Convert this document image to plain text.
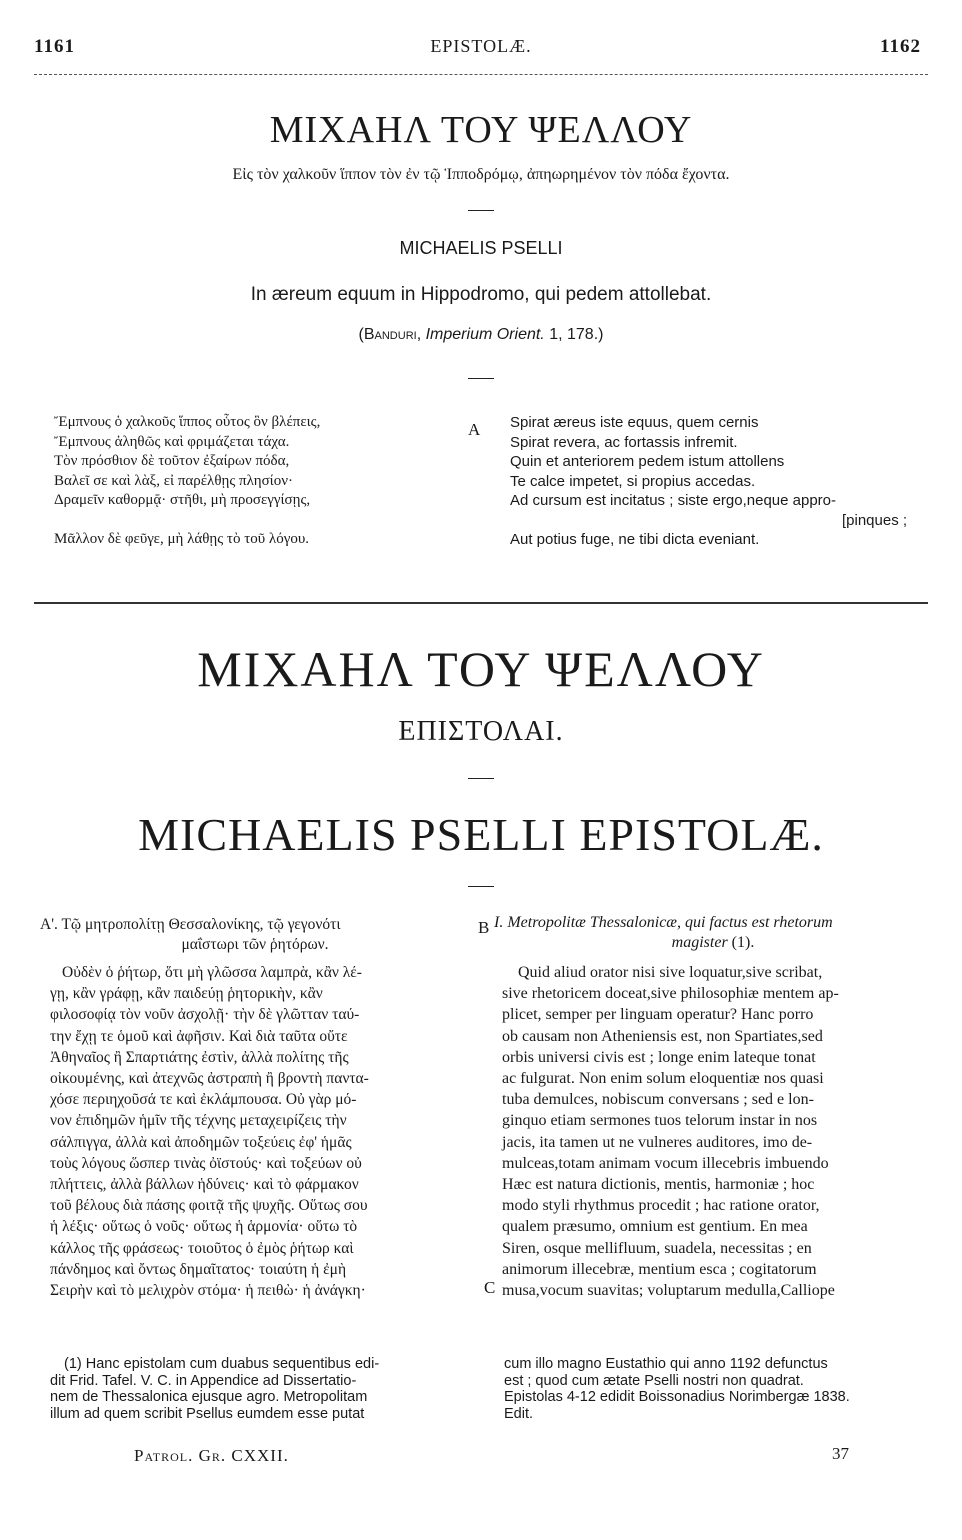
1161	EPISTOLÆ.	1162
ΜΙΧΑΗΛ ΤΟΥ ΨΕΛΛΟΥ
Εἰς τὸν χαλκοῦν ἵππον τὸν ἐν τῷ Ἱπποδρόμῳ, ἀπηωρημένον τὸν πόδα ἔχοντα.
MICHAELIS PSELLI
In æreum equum in Hippodromo, qui pedem attollebat.
(Banduri, Imperium Orient. 1, 178.)
Ἔμπνους ὁ χαλκοῦς ἵππος οὗτος ὃν βλέπεις,
Ἔμπνους ἀληθῶς καὶ φριμάζεται τάχα.
Τὸν πρόσθιον δὲ τοῦτον ἐξαίρων πόδα,
Βαλεῖ σε καὶ λὰξ, εἰ παρέλθῃς πλησίον·
Δραμεῖν καθορμᾷ· στῆθι, μὴ προσεγγίσῃς,
Μᾶλλον δὲ φεῦγε, μὴ λάθῃς τὸ τοῦ λόγου.
A Spirat æreus iste equus, quem cernis
Spirat revera, ac fortassis infremit.
Quin et anteriorem pedem istum attollens
Te calce impetet, si propius accedas.
Ad cursum est incitatus ; siste ergo,neque appro-
[pinques ;
Aut potius fuge, ne tibi dicta eveniant.
ΜΙΧΑΗΛ ΤΟΥ ΨΕΛΛΟΥ
ΕΠΙΣΤΟΛΑΙ.
MICHAELIS PSELLI EPISTOLÆ.
Α'. Τῷ μητροπολίτῃ Θεσσαλονίκης, τῷ γεγονότι
μαΐστωρι τῶν ῥητόρων.
B I. Metropolitæ Thessalonicæ, qui factus est rhetorum
magister (1).
Οὐδὲν ὁ ῥήτωρ, ὅτι μὴ γλῶσσα λαμπρὰ, κἂν λέ-
γῃ, κἂν γράφῃ, κἂν παιδεύῃ ῥητορικὴν, κἂν
φιλοσοφίᾳ τὸν νοῦν ἀσχολῇ· τὴν δὲ γλῶτταν ταύ-
την ἔχῃ τε ὁμοῦ καὶ ἀφῆσιν. Καὶ διὰ ταῦτα οὔτε
Ἀθηναῖος ἢ Σπαρτιάτης ἐστὶν, ἀλλὰ πολίτης τῆς
οἰκουμένης, καὶ ἀτεχνῶς ἀστραπὴ ἢ βροντὴ παντα-
χόσε περιηχοῦσά τε καὶ ἐκλάμπουσα. Οὐ γὰρ μό-
νον ἐπιδημῶν ἡμῖν τῆς τέχνης μεταχειρίζεις τὴν
σάλπιγγα, ἀλλὰ καὶ ἀποδημῶν τοξεύεις ἐφ' ἡμᾶς
τοὺς λόγους ὥσπερ τινὰς ὀϊστούς· καὶ τοξεύων οὐ
πλήττεις, ἀλλὰ βάλλων ἡδύνεις· καὶ τὸ φάρμακον
τοῦ βέλους διὰ πάσης φοιτᾷ τῆς ψυχῆς. Οὕτως σου
ἡ λέξις· οὕτως ὁ νοῦς· οὕτως ἡ ἁρμονία· οὕτω τὸ
κάλλος τῆς φράσεως· τοιοῦτος ὁ ἐμὸς ῥήτωρ καὶ
πάνδημος καὶ ὄντως δημαῖτατος· τοιαύτη ἡ ἐμὴ
Σειρὴν καὶ τὸ μελιχρὸν στόμα· ἡ πειθὼ· ἡ ἀνάγκη·	C
Quid aliud orator nisi sive loquatur,sive scribat,
sive rhetoricem doceat,sive philosophiæ mentem ap-
plicet, semper per linguam operatur? Hanc porro
ob causam non Atheniensis est, non Spartiates,sed
orbis universi civis est ; longe enim lateque tonat
ac fulgurat. Non enim solum eloquentiæ nos quasi
tuba demulces, nobiscum conversans ; sed e lon-
ginquo etiam sermones tuos telorum instar in nos
jacis, ita tamen ut ne vulneres auditores, imo de-
mulceas,totam animam vocum illecebris imbuendo
Hæc est natura dictionis, mentis, harmoniæ ; hoc
modo styli rhythmus procedit ; hac ratione orator,
qualem præsumo, omnium est gentium. En mea
Siren, osque mellifluum, suadela, necessitas ; en
animorum illecebræ, mentium esca ; cogitatorum
musa,vocum suavitas; voluptarum medulla,Calliope
(1) Hanc epistolam cum duabus sequentibus edi-
dit Frid. Tafel. V. C. in Appendice ad Dissertatio-
nem de Thessalonica ejusque agro. Metropolitam
illum ad quem scribit Psellus eumdem esse putat
cum illo magno Eustathio qui anno 1192 defunctus
est ; quod cum ætate Pselli nostri non quadrat.
Epistolas 4-12 edidit Boissonadius Norimbergæ 1838.
Edit.
Patrol. Gr. CXXII.	37
